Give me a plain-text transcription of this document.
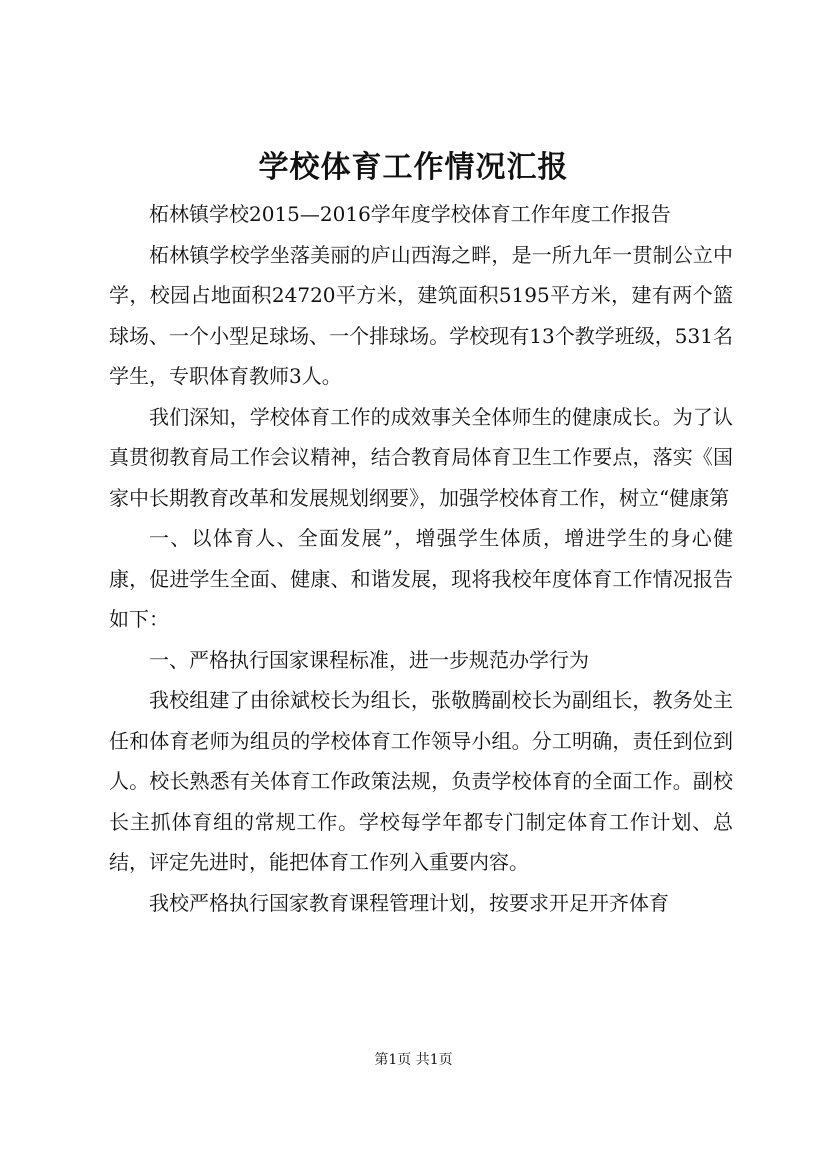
学校体育工作情况汇报

柘林镇学校2015—2016学年度学校体育工作年度工作报告

柘林镇学校学坐落美丽的庐山西海之畔，是一所九年一贯制公立中学，校园占地面积24720平方米，建筑面积5195平方米，建有两个篮球场、一个小型足球场、一个排球场。学校现有13个教学班级，531名学生，专职体育教师3人。

我们深知，学校体育工作的成效事关全体师生的健康成长。为了认真贯彻教育局工作会议精神，结合教育局体育卫生工作要点，落实《国家中长期教育改革和发展规划纲要》，加强学校体育工作，树立“健康第

一、以体育人、全面发展”，增强学生体质，增进学生的身心健康，促进学生全面、健康、和谐发展，现将我校年度体育工作情况报告如下：

一、严格执行国家课程标准，进一步规范办学行为

我校组建了由徐斌校长为组长，张敬腾副校长为副组长，教务处主任和体育老师为组员的学校体育工作领导小组。分工明确，责任到位到人。校长熟悉有关体育工作政策法规，负责学校体育的全面工作。副校长主抓体育组的常规工作。学校每学年都专门制定体育工作计划、总结，评定先进时，能把体育工作列入重要内容。

我校严格执行国家教育课程管理计划，按要求开足开齐体育

第1页 共1页
